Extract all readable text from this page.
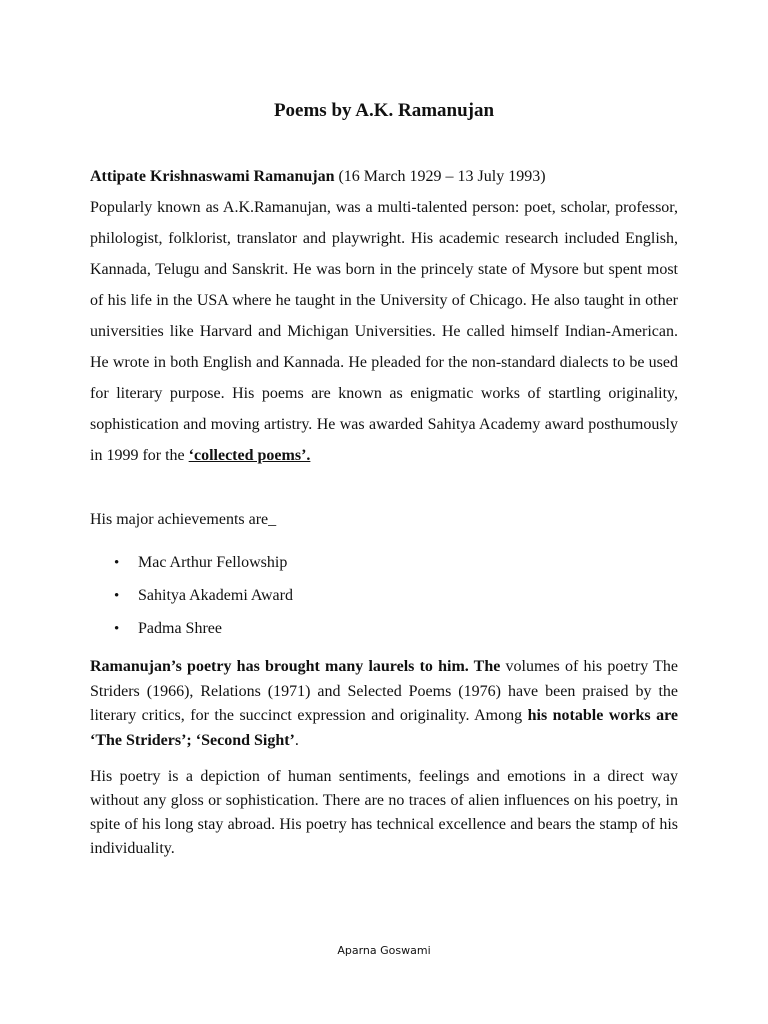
Poems by A.K. Ramanujan
Attipate Krishnaswami Ramanujan (16 March 1929 – 13 July 1993)
Popularly known as A.K.Ramanujan, was a multi-talented person: poet, scholar, professor, philologist, folklorist, translator and playwright. His academic research included English, Kannada, Telugu and Sanskrit. He was born in the princely state of Mysore but spent most of his life in the USA where he taught in the University of Chicago. He also taught in other universities like Harvard and Michigan Universities. He called himself Indian-American. He wrote in both English and Kannada. He pleaded for the non-standard dialects to be used for literary purpose. His poems are known as enigmatic works of startling originality, sophistication and moving artistry. He was awarded Sahitya Academy award posthumously in 1999 for the ‘collected poems’.
His major achievements are_
• Mac Arthur Fellowship
• Sahitya Akademi Award
• Padma Shree
Ramanujan’s poetry has brought many laurels to him. The volumes of his poetry The Striders (1966), Relations (1971) and Selected Poems (1976) have been praised by the literary critics, for the succinct expression and originality. Among his notable works are ‘The Striders’; ‘Second Sight’.
His poetry is a depiction of human sentiments, feelings and emotions in a direct way without any gloss or sophistication. There are no traces of alien influences on his poetry, in spite of his long stay abroad. His poetry has technical excellence and bears the stamp of his individuality.
Aparna Goswami
